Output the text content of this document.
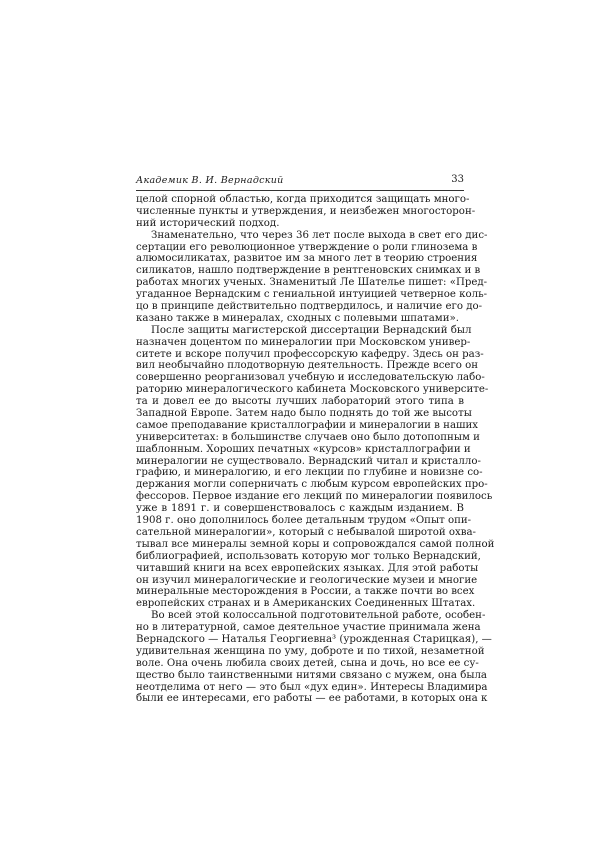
Академик В. И. Вернадский	33
целой спорной областью, когда приходится защищать много-
численные пункты и утверждения, и неизбежен многосторон-
ний исторический подход.
Знаменательно, что через 36 лет после выхода в свет его дис-
сертации его революционное утверждение о роли глинозема в
алюмосиликатах, развитое им за много лет в теорию строения
силикатов, нашло подтверждение в рентгеновских снимках и в
работах многих ученых. Знаменитый Ле Шателье пишет: «Пред-
угаданное Вернадским с гениальной интуицией четверное коль-
цо в принципе действительно подтвердилось, и наличие его до-
казано также в минералах, сходных с полевыми шпатами».
После защиты магистерской диссертации Вернадский был
назначен доцентом по минералогии при Московском универ-
ситете и вскоре получил профессорскую кафедру. Здесь он раз-
вил необычайно плодотворную деятельность. Прежде всего он
совершенно реорганизовал учебную и исследовательскую лабо-
раторию минералогического кабинета Московского университе-
та и довел ее до высоты лучших лабораторий этого типа в
Западной Европе. Затем надо было поднять до той же высоты
самое преподавание кристаллографии и минералогии в наших
университетах: в большинстве случаев оно было дотопопным и
шаблонным. Хороших печатных «курсов» кристаллографии и
минералогии не существовало. Вернадский читал и кристалло-
графию, и минералогию, и его лекции по глубине и новизне со-
держания могли соперничать с любым курсом европейских про-
фессоров. Первое издание его лекций по минералогии появилось
уже в 1891 г. и совершенствовалось с каждым изданием. В
1908 г. оно дополнилось более детальным трудом «Опыт опи-
сательной минералогии», который с небывалой широтой охва-
тывал все минералы земной коры и сопровождался самой полной
библиографией, использовать которую мог только Вернадский,
читавший книги на всех европейских языках. Для этой работы
он изучил минералогические и геологические музеи и многие
минеральные месторождения в России, а также почти во всех
европейских странах и в Американских Соединенных Штатах.
Во всей этой колоссальной подготовительной работе, особен-
но в литературной, самое деятельное участие принимала жена
Вернадского — Наталья Георгиевна³ (урожденная Старицкая), —
удивительная женщина по уму, доброте и по тихой, незаметной
воле. Она очень любила своих детей, сына и дочь, но все ее су-
щество было таинственными нитями связано с мужем, она была
неотделима от него — это был «дух един». Интересы Владимира
были ее интересами, его работы — ее работами, в которых она к
